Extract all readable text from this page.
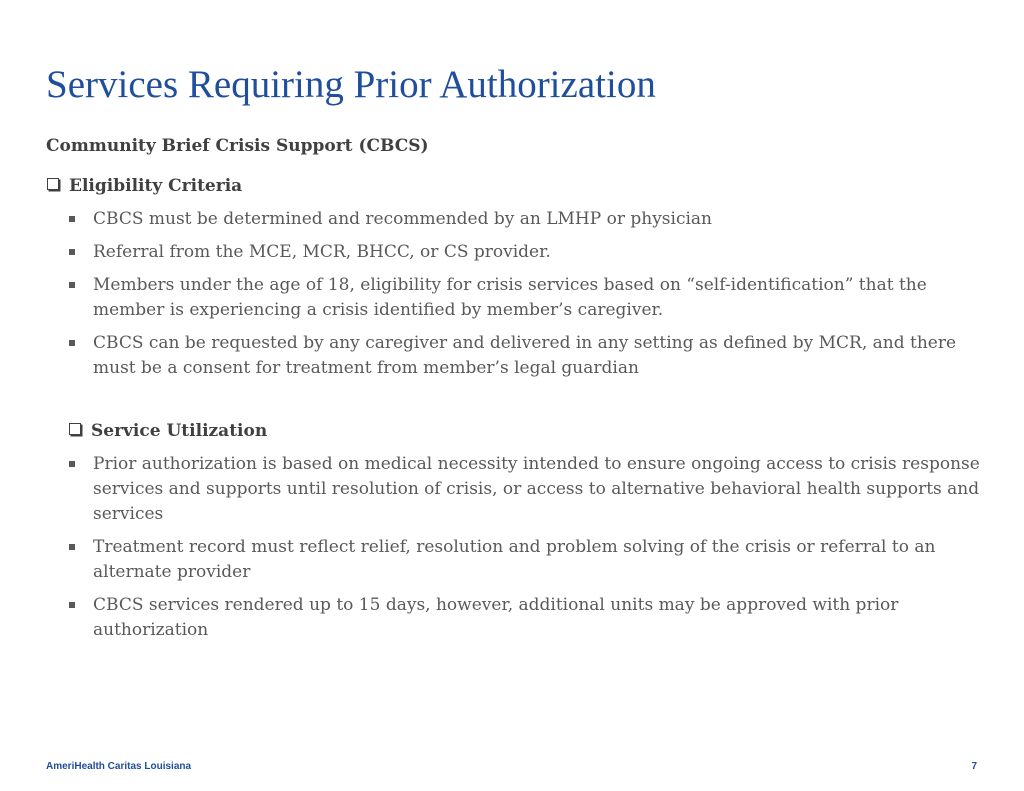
Services Requiring Prior Authorization
Community Brief Crisis Support (CBCS)
Eligibility Criteria
CBCS must be determined and recommended by an LMHP or physician
Referral from the MCE, MCR, BHCC, or CS provider.
Members under the age of 18, eligibility for crisis services based on “self-identification” that the member is experiencing a crisis identified by member’s caregiver.
CBCS can be requested by any caregiver and delivered in any setting as defined by MCR, and there must be a consent for treatment from member’s legal guardian
Service Utilization
Prior authorization is based on medical necessity intended to ensure ongoing access to crisis response services and supports until resolution of crisis, or access to alternative behavioral health supports and services
Treatment record must reflect relief, resolution and problem solving of the crisis or referral to an alternate provider
CBCS services rendered up to 15 days, however, additional units may be approved with prior authorization
AmeriHealth Caritas Louisiana	7
